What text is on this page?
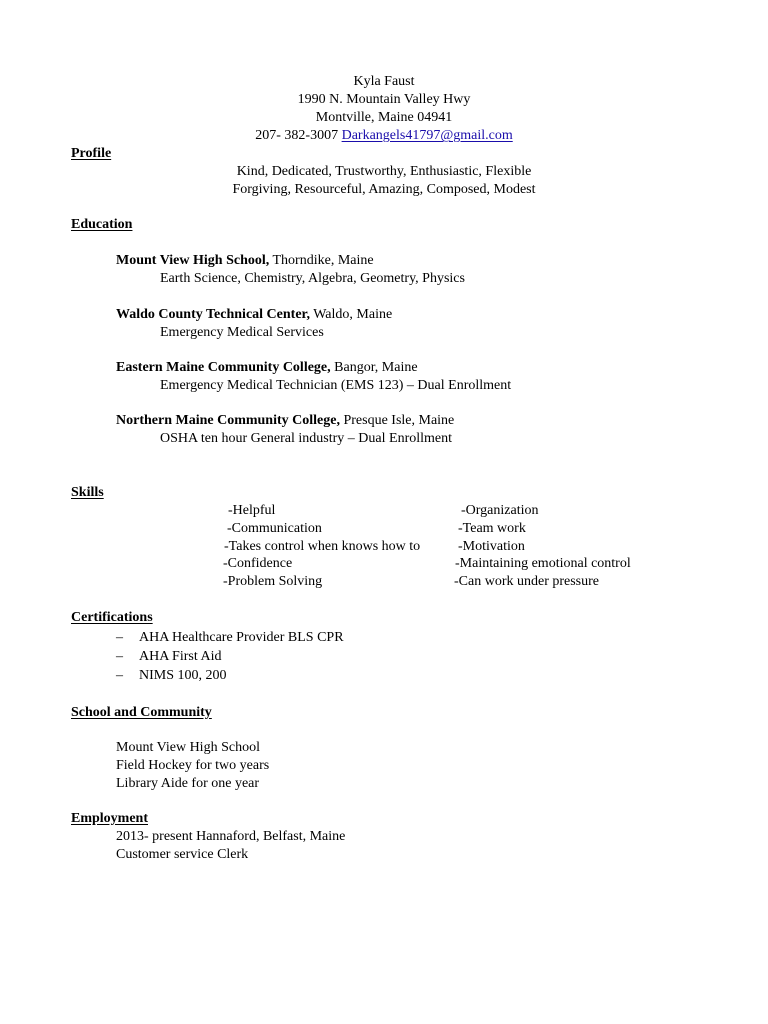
Kyla Faust
1990 N. Mountain Valley Hwy
Montville, Maine 04941
207- 382-3007 Darkangels41797@gmail.com
Profile
Kind, Dedicated, Trustworthy, Enthusiastic, Flexible
Forgiving, Resourceful, Amazing, Composed, Modest
Education
Mount View High School, Thorndike, Maine
Earth Science, Chemistry, Algebra, Geometry, Physics
Waldo County Technical Center, Waldo, Maine
Emergency Medical Services
Eastern Maine Community College, Bangor, Maine
Emergency Medical Technician (EMS 123) – Dual Enrollment
Northern Maine Community College, Presque Isle, Maine
OSHA ten hour General industry – Dual Enrollment
Skills
-Helpful
-Communication
-Takes control when knows how to
-Confidence
-Problem Solving
-Organization
-Team work
-Motivation
-Maintaining emotional control
-Can work under pressure
Certifications
– AHA Healthcare Provider BLS CPR
– AHA First Aid
– NIMS 100, 200
School and Community
Mount View High School
Field Hockey for two years
Library Aide for one year
Employment
2013- present Hannaford, Belfast, Maine
Customer service Clerk
